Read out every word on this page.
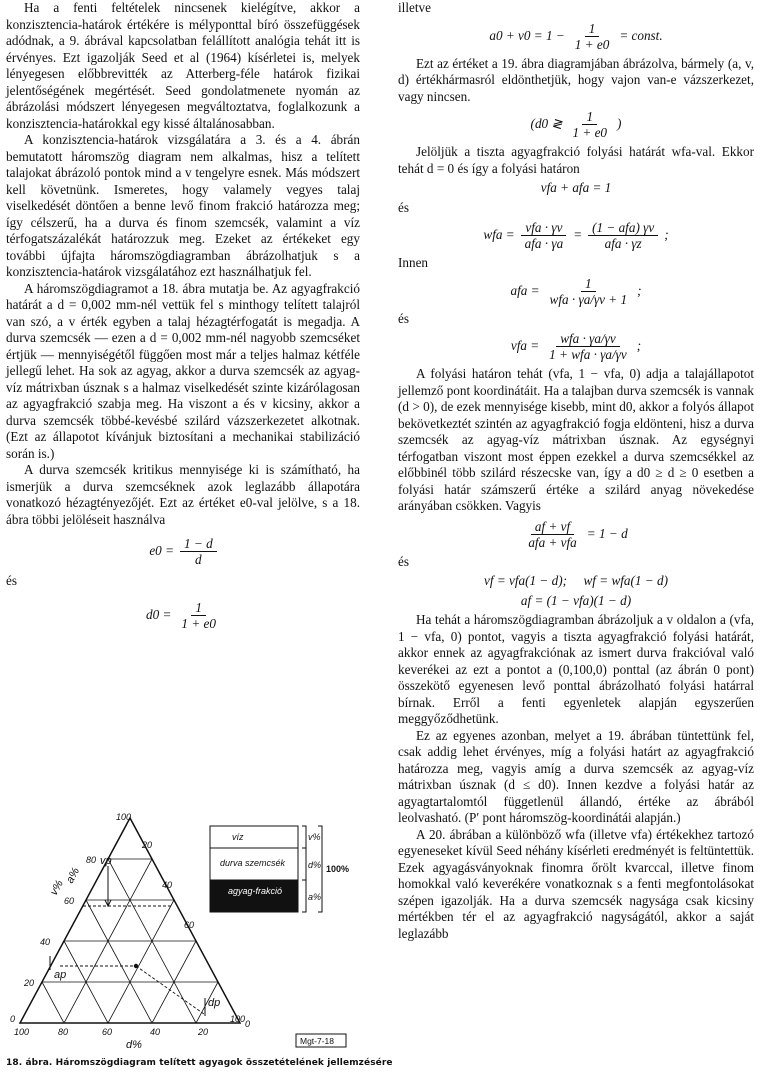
Ha a fenti feltételek nincsenek kielégítve, akkor a konzisztencia-határok értékére is mélyponttal bíró összefüggések adódnak, a 9. ábrával kapcsolatban felállított analógia tehát itt is érvényes. Ezt igazolják Seed et al (1964) kísérletei is, melyek lényegesen előbbrevitték az Atterberg-féle határok fizikai jelentőségének megértését. Seed gondolatmenete nyomán az ábrázolási módszert lényegesen megváltoztatva, foglalkozunk a konzisztencia-határokkal egy kissé általánosabban.

A konzisztencia-határok vizsgálatára a 3. és a 4. ábrán bemutatott háromszög diagram nem alkalmas, hisz a telített talajokat ábrázoló pontok mind a v tengelyre esnek. Más módszert kell követnünk. Ismeretes, hogy valamely vegyes talaj viselkedését döntően a benne levő finom frakció határozza meg; így célszerű, ha a durva és finom szemcsék, valamint a víz térfogatszázalékát határozzuk meg. Ezeket az értékeket egy további újfajta háromszögdiagramban ábrázolhatjuk s a konzisztencia-határok vizsgálatához ezt használhatjuk fel.

A háromszögdiagramot a 18. ábra mutatja be. Az agyagfrakció határát a d = 0,002 mm-nél vettük fel s minthogy telített talajról van szó, a v érték egyben a talaj hézagtérfogatát is megadja. A durva szemcsék — ezen a d = 0,002 mm-nél nagyobb szemcséket értjük — mennyiségétől függően most már a teljes halmaz kétféle jellegű lehet. Ha sok az agyag, akkor a durva szemcsék az agyag-víz mátrixban úsznak s a halmaz viselkedését szinte kizárólagosan az agyagfrakció szabja meg. Ha viszont a és v kicsiny, akkor a durva szemcsék többé-kevésbé szilárd vázszerkezetet alkotnak. (Ezt az állapotot kívánjuk biztosítani a mechanikai stabilizáció során is.)

A durva szemcsék kritikus mennyisége ki is számítható, ha ismerjük a durva szemcséknek azok leglazább állapotára vonatkozó hézagtényezőjét. Ezt az értéket e0-val jelölve, s a 18. ábra többi jelöléseit használva

$e0 = \frac{1 - d}{d}$
és
$d0 = \frac{1}{1 + e0}$
100
80
60
40
20
0
20
40
60
80
100
20
40
60
100 0
v%
a%
d%
vp
ap
dp
víz
agyag-frakció
durva szemcsék
v%
d%
a%
100%
Mgt-7-18
18. ábra. Háromszögdiagram telített agyagok összetételének jellemzésére

illetve

$a0 + v0 = 1 - \frac{1}{1 + e0}$ = const.

Ezt az értéket a 19. ábra diagramjában ábrázolva, bármely (a, v, d) értékhármasról eldönthetjük, hogy vajon van-e vázszerkezet, vagy nincsen.

(d0 ≷ $\frac{1}{1 + e0}$ )

Jelöljük a tiszta agyagfrakció folyási határát wfa-val. Ekkor tehát d = 0 és így a folyási határon

vfa + afa = 1
és
wfa = $\frac{\text{vfa · γv}}{\text{afa · γa}} = \frac{\text{(1 − afa) γv}}{\text{afa · γz}}$ ;
Innen
afa = $\frac{1}{\text{wfa · γa/γv + 1}}$ ;
és
vfa = $\frac{\text{wfa · γa/γv}}{\text{1 + wfa · γa/γv}}$ ;

A folyási határon tehát (vfa, 1 − vfa, 0) adja a talajállapotot jellemző pont koordinátáit. Ha a talajban durva szemcsék is vannak (d > 0), de ezek mennyisége kisebb, mint d0, akkor a folyós állapot bekövetkeztét szintén az agyagfrakció fogja eldönteni, hisz a durva szemcsék az agyag-víz mátrixban úsznak. Az egységnyi térfogatban viszont most éppen ezekkel a durva szemcsékkel az előbbinél több szilárd részecske van, így a d0 ≥ d ≥ 0 esetben a folyási határ számszerű értéke a szilárd anyag növekedése arányában csökken. Vagyis

$\frac{af + vf}{\text{afa + vfa}} = 1 - d$
és
vf = vfa(1 − d);     wf = wfa(1 − d)
af = (1 − vfa)(1 − d)

Ha tehát a háromszögdiagramban ábrázoljuk a v oldalon a (vfa, 1 − vfa, 0) pontot, vagyis a tiszta agyagfrakció folyási határát, akkor ennek az agyagfrakciónak az ismert durva frakcióval való keverékei az ezt a pontot a (0,100,0) ponttal (az ábrán 0 pont) összekötő egyenesen levő ponttal ábrázolható folyási határral bírnak. Erről a fenti egyenletek alapján egyszerűen meggyőződhetünk.

Ez az egyenes azonban, melyet a 19. ábrában tüntettünk fel, csak addig lehet érvényes, míg a folyási határt az agyagfrakció határozza meg, vagyis amíg a durva szemcsék az agyag-víz mátrixban úsznak (d ≤ d0). Innen kezdve a folyási határ az agyagtartalomtól függetlenül állandó, értéke az ábrából leolvasható. (P′ pont háromszög-koordinátái alapján.)

A 20. ábrában a különböző wfa (illetve vfa) értékekhez tartozó egyeneseket kívül Seed néhány kísérleti eredményét is feltüntettük. Ezek agyagásványoknak finomra őrölt kvarccal, illetve finom homokkal való keverékére vonatkoznak s a fenti megfontolásokat szépen igazolják. Ha a durva szemcsék nagysága csak kicsiny mértékben tér el az agyagfrakció nagyságától, akkor a saját leglazább
